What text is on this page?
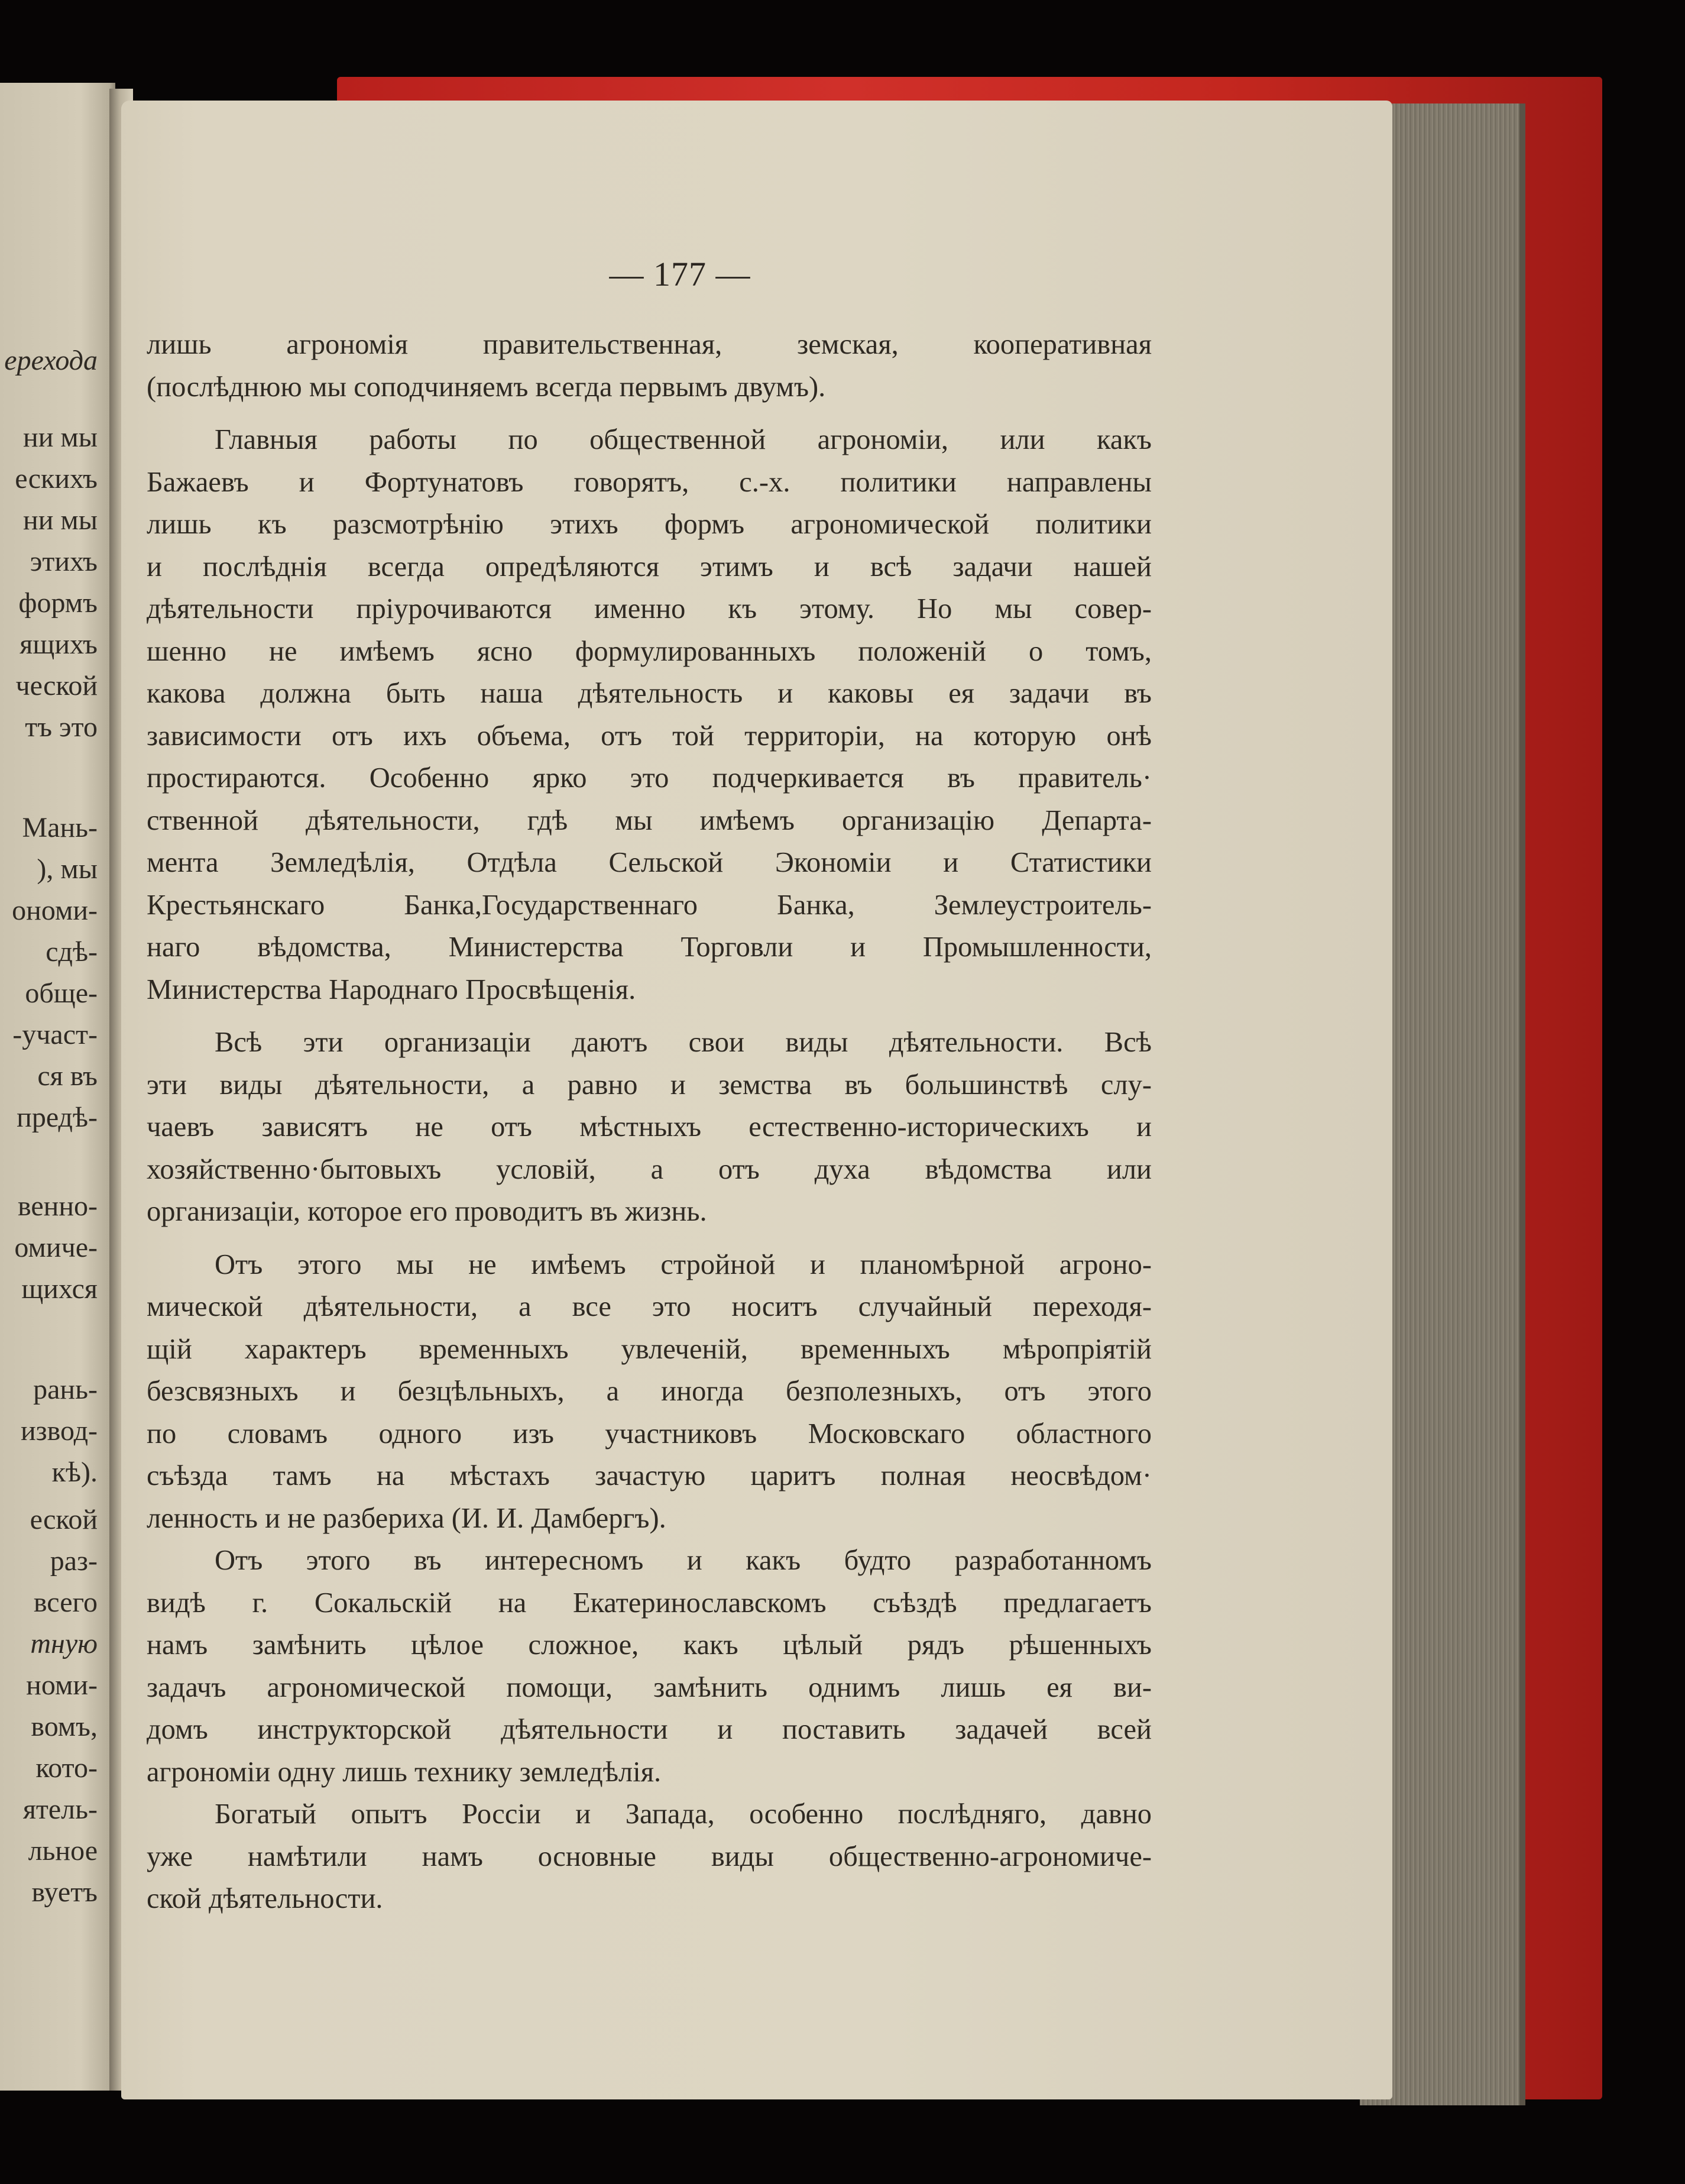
ерехода
ни мы
ескихъ
ни мы
этихъ
формъ
ящихъ
ческой
тъ это
Мань-
), мы
ономи-
сдѣ-
обще-
-участ-
ся въ
предѣ-
венно-
омиче-
щихся
рань-
извод-
кѣ).
еской
раз-
всего
тную
номи-
вомъ,
кото-
ятель-
льное
вуетъ
— 177 —
лишь агрономія правительственная, земская, кооперативная
(послѣднюю мы соподчиняемъ всегда первымъ двумъ).
Главныя работы по общественной агрономіи, или какъ
Бажаевъ и Фортунатовъ говорятъ, с.-х. политики направлены
лишь къ разсмотрѣнію этихъ формъ агрономической политики
и послѣднія всегда опредѣляются этимъ и всѣ задачи нашей
дѣятельности пріурочиваются именно къ этому. Но мы совер-
шенно не имѣемъ ясно формулированныхъ положеній о томъ,
какова должна быть наша дѣятельность и каковы ея задачи въ
зависимости отъ ихъ объема, отъ той территоріи, на которую онѣ
простираются. Особенно ярко это подчеркивается въ правитель·
ственной дѣятельности, гдѣ мы имѣемъ организацію Департа-
мента Земледѣлія, Отдѣла Сельской Экономіи и Статистики
Крестьянскаго Банка,Государственнаго Банка, Землеустроитель-
наго вѣдомства, Министерства Торговли и Промышленности,
Министерства Народнаго Просвѣщенія.
Всѣ эти организаціи даютъ свои виды дѣятельности. Всѣ
эти виды дѣятельности, а равно и земства въ большинствѣ слу-
чаевъ зависятъ не отъ мѣстныхъ естественно-историческихъ и
хозяйственно·бытовыхъ условій, а отъ духа вѣдомства или
организаціи, которое его проводитъ въ жизнь.
Отъ этого мы не имѣемъ стройной и планомѣрной агроно-
мической дѣятельности, а все это носитъ случайный переходя-
щій характеръ временныхъ увлеченій, временныхъ мѣропріятій
безсвязныхъ и безцѣльныхъ, а иногда безполезныхъ, отъ этого
по словамъ одного изъ участниковъ Московскаго областного
съѣзда тамъ на мѣстахъ зачастую царитъ полная неосвѣдом·
ленность и не разбериха (И. И. Дамбергъ).
Отъ этого въ интересномъ и какъ будто разработанномъ
видѣ г. Сокальскій на Екатеринославскомъ съѣздѣ предлагаетъ
намъ замѣнить цѣлое сложное, какъ цѣлый рядъ рѣшенныхъ
задачъ агрономической помощи, замѣнить однимъ лишь ея ви-
домъ инструкторской дѣятельности и поставить задачей всей
агрономіи одну лишь технику земледѣлія.
Богатый опытъ Россіи и Запада, особенно послѣдняго, давно
уже намѣтили намъ основные виды общественно-агрономиче-
ской дѣятельности.
